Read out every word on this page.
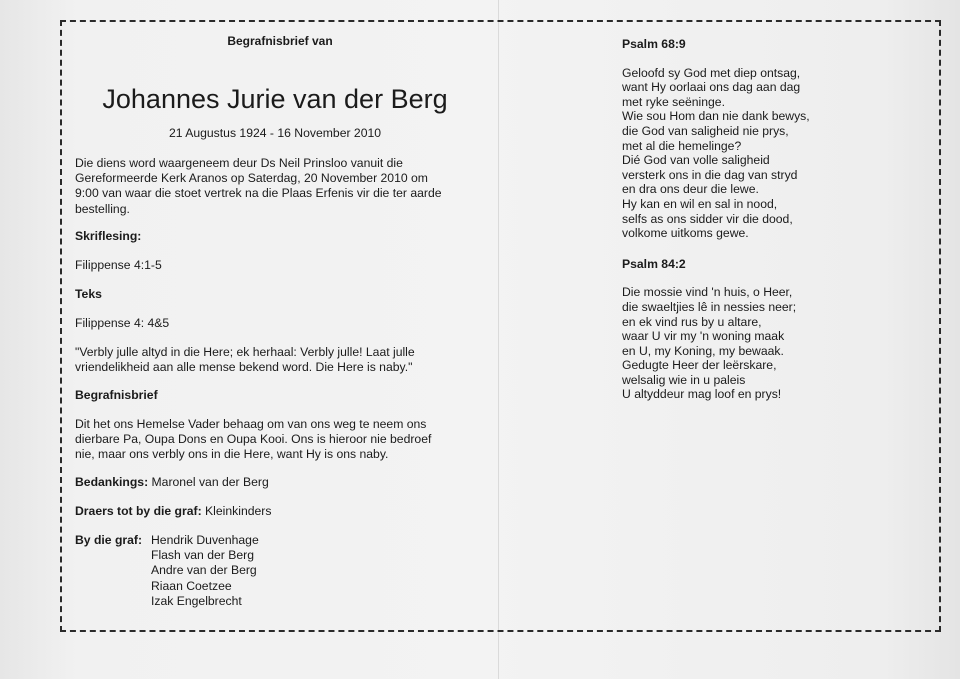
Begrafnisbrief van
Johannes Jurie van der Berg
21 Augustus 1924 - 16 November 2010
Die diens word waargeneem deur Ds Neil Prinsloo vanuit die
Gereformeerde Kerk Aranos op Saterdag, 20 November 2010 om
9:00 van waar die stoet vertrek na die Plaas Erfenis vir die ter aarde
bestelling.
Skriflesing:
Filippense 4:1-5
Teks
Filippense 4: 4&5
"Verbly julle altyd in die Here; ek herhaal: Verbly julle! Laat julle
vriendelikheid aan alle mense bekend word. Die Here is naby."
Begrafnisbrief
Dit het ons Hemelse Vader behaag om van ons weg te neem ons
dierbare Pa, Oupa Dons en Oupa Kooi. Ons is hieroor nie bedroef
nie, maar ons verbly ons in die Here, want Hy is ons naby.
Bedankings: Maronel van der Berg
Draers tot by die graf: Kleinkinders
By die graf: Hendrik Duvenhage
Flash van der Berg
Andre van der Berg
Riaan Coetzee
Izak Engelbrecht
Psalm 68:9
Geloofd sy God met diep ontsag,
want Hy oorlaai ons dag aan dag
met ryke seëninge.
Wie sou Hom dan nie dank bewys,
die God van saligheid nie prys,
met al die hemelinge?
Dié God van volle saligheid
versterk ons in die dag van stryd
en dra ons deur die lewe.
Hy kan en wil en sal in nood,
selfs as ons sidder vir die dood,
volkome uitkoms gewe.
Psalm 84:2
Die mossie vind 'n huis, o Heer,
die swaeltjies lê in nessies neer;
en ek vind rus by u altare,
waar U vir my 'n woning maak
en U, my Koning, my bewaak.
Gedugte Heer der leërskare,
welsalig wie in u paleis
U altyddeur mag loof en prys!
